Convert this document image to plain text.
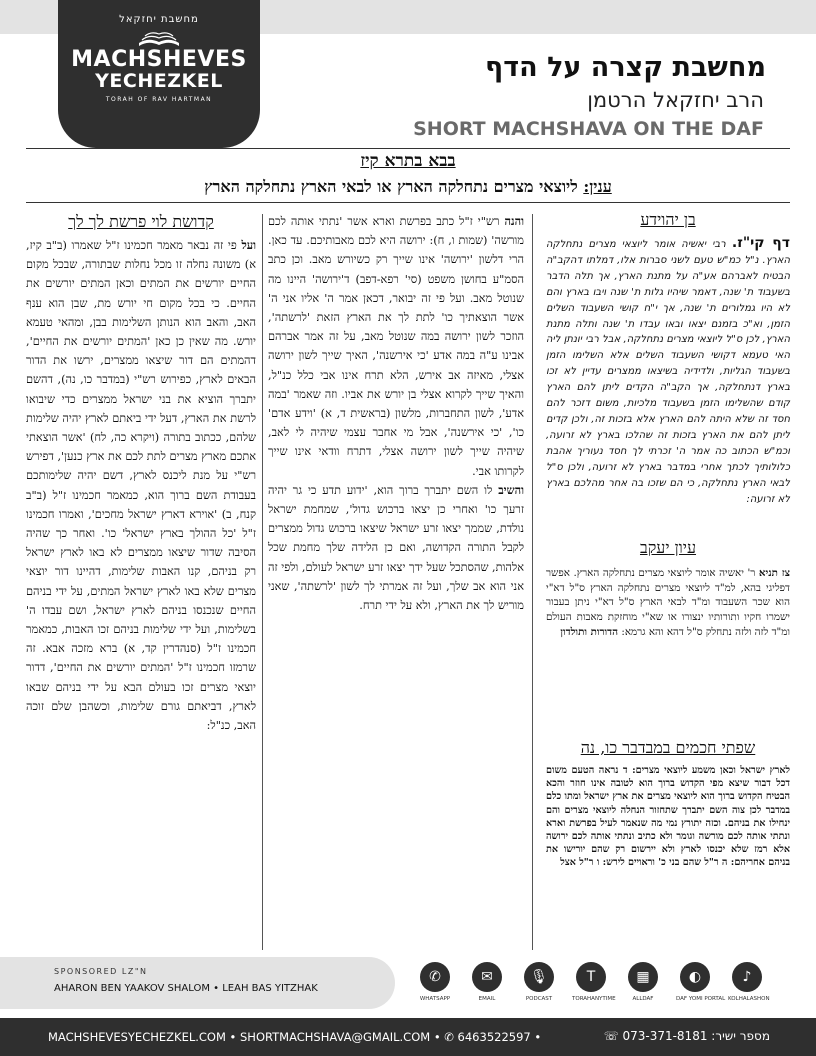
מחשבת יחזקאל
MACHSHEVES
YECHEZKEL
TORAH OF RAV HARTMAN
מחשבת קצרה על הדף
הרב יחזקאל הרטמן
SHORT MACHSHAVA ON THE DAF
בבא בתרא קיז
ענין: ליוצאי מצרים נתחלקה הארץ או לבאי הארץ נתחלקה הארץ
בן יהוידע
דף קי"ז. רבי יאשיה אומר ליוצאי מצרים נתחלקה הארץ. נ"ל כמ"ש טעם לשני סברות אלו, דמלתו דהקב"ה הבטיח לאברהם אע"ה על מתנת הארץ, אך תלה הדבר בשעבוד ת' שנה, דאמר שיהיו גלות ת' שנה ויבו בארץ והם לא היו גמלורים ת' שנה, אך י"ח קושי השעבוד השלים הזמן, וא"כ בזמנם יצאו ובאו עבדו ת' שנה ותלה מתנת הארץ, לכן ס"ל ליוצאי מצרים נתחלקה, אבל רבי יונתן ליה האי טעמא דקושי השעבוד השלים אלא השלימו הזמן בשעבוד הגליות, ולדידיה בשיצאו ממצרים עדיין לא זכו בארץ דנתחלקה, אך הקב"ה הקדים ליתן להם הארץ קודם שהשלימו הזמן בשעבוד מלכיות, משום דזכר להם חסד זה שלא היתה להם הארץ אלא בזכות זה, ולכן קדים ליתן להם את הארץ בזכות זה שהלכו בארץ לא זרועה, וכמ"ש הכתוב כה אמר ה' זכרתי לך חסד נעוריך אהבת כלולותיך לכתך אחרי במדבר בארץ לא זרועה, ולכן ס"ל לבאי הארץ נתחלקה, כי הם שזכו בה אחר מהלכם בארץ לא זרועה:
עיון יעקב
צז תניא ר' יאשיה אומר ליוצאי מצרים נתחלקה הארץ. אפשר דפליגי בהא, למ"ד ליוצאי מצרים נתחלקה הארץ ס"ל דא"י הוא שכר השעבוד ומ"ד לבאי הארץ ס"ל דא"י ניתן בעבור ישמרו חקיו ותורותיו ינצורו או שא"י מוחזקת מאבות העולם ומ"ד לזה ולזה נתחלק ס"ל דהא והא גרמא: הדורות ותולדון
שפתי חכמים במבדבר כו, נה
לארץ ישראל וכאן משמע ליוצאי מצרים: ד נראה הטעם משום דכל דבור שיצא מפי הקדוש ברוך הוא לטובה אינו חוזר והכא הבטיח הקדוש ברוך הוא ליוצאי מצרים את ארץ ישראל ומתו כלם במדבר לכן צוה השם יתברך שתחזור הנחלה ליוצאי מצרים והם ינחילו את בניהם. וכזה יתורץ נמי מה שנאמר לעיל בפרשת וארא ונתתי אותה לכם מורשה וגומר ולא כתיב ונתתי אותה לכם ירושה אלא רמז שלא יכנסו לארץ ולא יירשום רק שהם יורישו את בניהם אחריהם: ה ר"ל שהם בני כ' וראויים לירש: ו ר"ל אצל
והנה רש"י ז"ל כתב בפרשת וארא אשר 'נתתי אותה לכם מורשה' (שמות ו, ח): ירושה היא לכם מאבותיכם. עד כאן. הרי דלשון 'ירושה' אינו שייך רק כשיורש מאב. וכן כתב הסמ"ע בחושן משפט (סי' רפא-דפב) ד'ירושה' היינו מה שנוטל מאב. ועל פי זה יבואר, דכאן אמר ה' אליו אני ה' אשר הוצאתיך כו' לתת לך את הארץ הזאת 'לרשתה', הוזכר לשון ירושה במה שנוטל מאב, על זה אמר אברהם אבינו ע"ה במה אדע 'כי אירשנה', האיך שייך לשון ירושה אצלי, מאיזה אב אירש, הלא תרח אינו אבי כלל כנ"ל, והאיך שייך לקרוא אצלי בן יורש את אביו. וזה שאמר 'במה אדע', לשון התחברות, מלשון (בראשית ד, א) 'וידע אדם' כו', 'כי אירשנה', אבל מי אחבר עצמי שיהיה לי לאב, שיהיה שייך לשון ירושה אצלי, דתרח וודאי אינו שייך לקרותו אבי.
והשיב לו השם יתברך ברוך הוא, 'ידוע תדע כי גר יהיה זרעך כו' ואחרי כן יצאו ברכוש גדול', שמחמת ישראל נולדת, שממך יצאו זרע ישראל שיצאו ברכוש גדול ממצרים לקבל התורה הקדושה, ואם כן הלידה שלך מחמת שכל אלהות, שהסתכל שעל ידך יצאו זרע ישראל לעולם, ולפי זה אני הוא אב שלך, ועל זה אמרתי לך לשון 'לרשתה', שאני מוריש לך את הארץ, ולא על ידי תרח.
קדושת לוי פרשת לך לך
ועל פי זה נבאר מאמר חכמינו ז"ל שאמרו (ב"ב קיז, א) משונה נחלה זו מכל נחלות שבתורה, שבכל מקום החיים יורשים את המתים וכאן המתים יורשים את החיים. כי בכל מקום חי יורש מת, שבן הוא ענף האב, והאב הוא הנותן השלימות בבן, ומהאי טעמא יורש. מה שאין כן כאן 'המתים יורשים את החיים', דהמתים הם דור שיצאו ממצרים, ירשו את הדור הבאים לארץ, כפירוש רש"י (במדבר כו, נה), דהשם יתברך הוציא את בני ישראל ממצרים כדי שיבואו לרשת את הארץ, דעל ידי ביאתם לארץ יהיה שלימות שלהם, ככתוב בתורה (ויקרא כה, לח) 'אשר הוצאתי אתכם מארץ מצרים לתת לכם את ארץ כנען', דפירש רש"י על מנת ליכנס לארץ, דשם יהיה שלימותכם בעבודת השם ברוך הוא, כמאמר חכמינו ז"ל (ב"ב קנח, ב) 'אוירא דארץ ישראל מחכים', ואמרו חכמינו ז"ל 'כל ההולך בארץ ישראל' כו'. ואחר כך שהיה הסיבה שדור שיצאו ממצרים לא באו לארץ ישראל רק בניהם, קנו האבות שלימות, דהיינו דור יוצאי מצרים שלא באו לארץ ישראל המתים, על ידי בניהם החיים שנכנסו בניהם לארץ ישראל, ושם עבדו ה' בשלימות, ועל ידי שלימות בניהם זכו האבות, כמאמר חכמינו ז"ל (סנהדרין קד, א) ברא מזכה אבא. זה שרמזו חכמינו ז"ל 'המתים יורשים את החיים', דדור יוצאי מצרים זכו בעולם הבא על ידי בניהם שבאו לארץ, דביאתם גורם שלימות, וכשהבן שלם זוכה האב, כנ"ל:
SPONSORED LZ"N
AHARON BEN YAAKOV SHALOM • LEAH BAS YITZHAK
✆
WHATSAPP
✉
EMAIL
🎙
PODCAST
T
TORAHANYTIME
▦
ALLDAF
◐
DAF YOMI PORTAL
♪
KOLHALASHON
MACHSHEVESYECHEZKEL.COM • SHORTMACHSHAVA@GMAIL.COM • ✆ 6463522597 •	מספר ישיר: 073-371-8181 ☏
